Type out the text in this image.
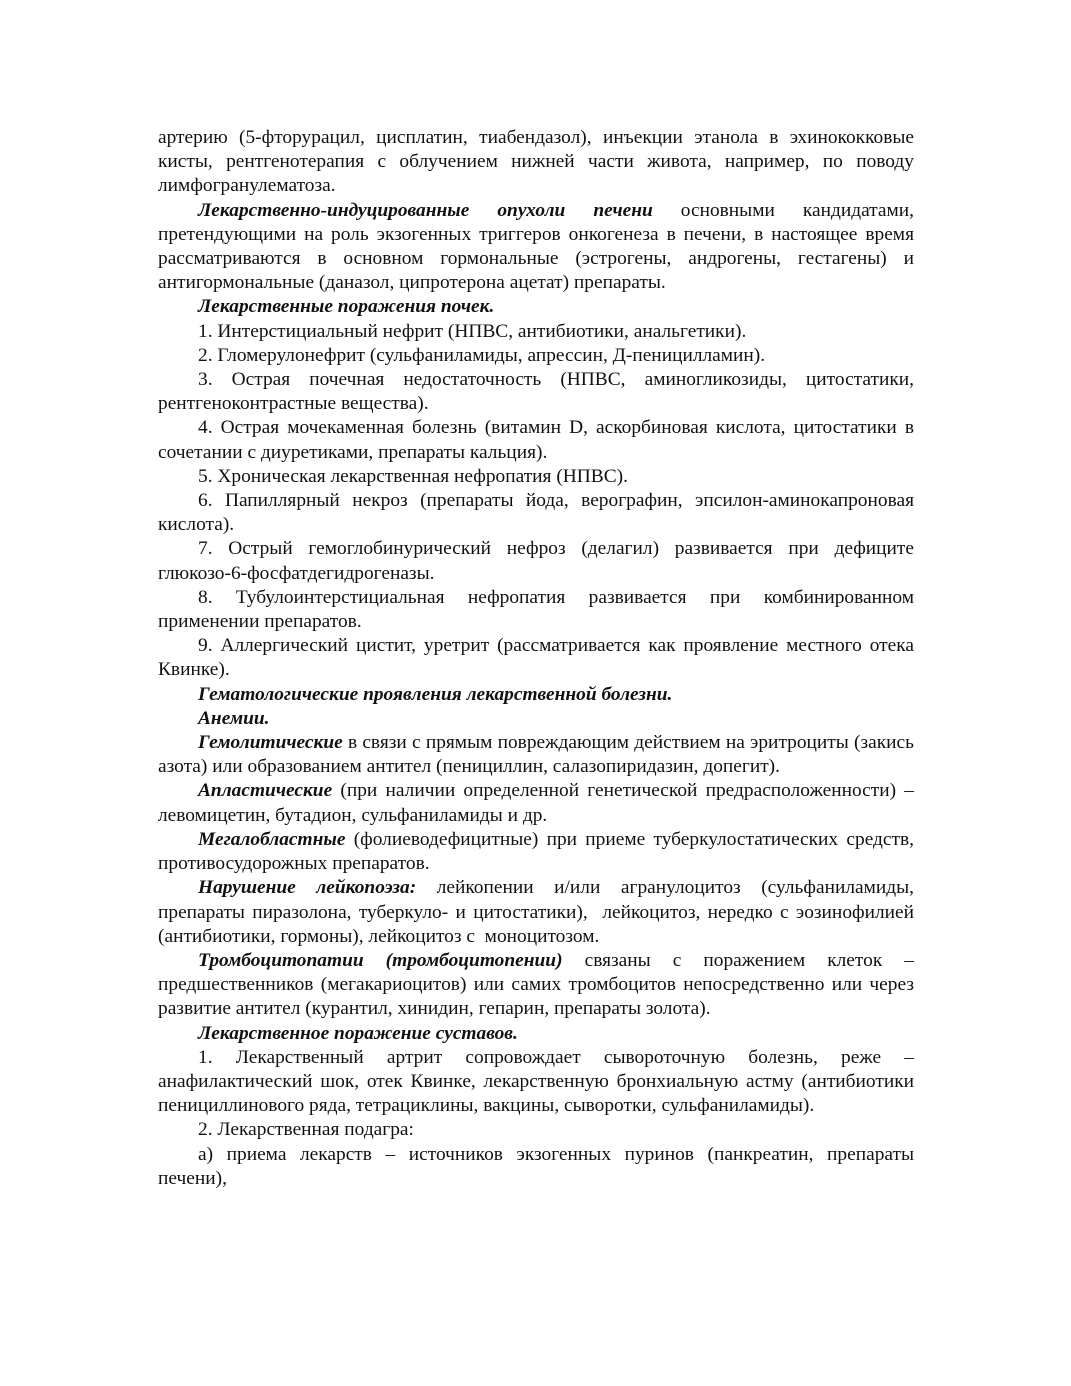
артерию (5-фторурацил, цисплатин, тиабендазол), инъекции этанола в эхинококковые кисты, рентгенотерапия с облучением нижней части живота, например, по поводу лимфогранулематоза.

Лекарственно-индуцированные опухоли печени основными кандидатами, претендующими на роль экзогенных триггеров онкогенеза в печени, в настоящее время рассматриваются в основном гормональные (эстрогены, андрогены, гестагены) и антигормональные (даназол, ципротерона ацетат) препараты.

Лекарственные поражения почек.

1. Интерстициальный нефрит (НПВС, антибиотики, анальгетики).

2. Гломерулонефрит (сульфаниламиды, апрессин, Д-пеницилламин).

3. Острая почечная недостаточность (НПВС, аминогликозиды, цитостатики, рентгеноконтрастные вещества).

4. Острая мочекаменная болезнь (витамин D, аскорбиновая кислота, цитостатики в сочетании с диуретиками, препараты кальция).

5. Хроническая лекарственная нефропатия (НПВС).

6. Папиллярный некроз (препараты йода, верографин, эпсилон-аминокапроновая кислота).

7. Острый гемоглобинурический нефроз (делагил) развивается при дефиците глюкозо-6-фосфатдегидрогеназы.

8. Тубулоинтерстициальная нефропатия развивается при комбинированном применении препаратов.

9. Аллергический цистит, уретрит (рассматривается как проявление местного отека Квинке).

Гематологические проявления лекарственной болезни.

Анемии.

Гемолитические в связи с прямым повреждающим действием на эритроциты (закись азота) или образованием антител (пенициллин, салазопиридазин, допегит).

Апластические (при наличии определенной генетической предрасположенности) – левомицетин, бутадион, сульфаниламиды и др.

Мегалобластные (фолиеводефицитные) при приеме туберкулостатических средств, противосудорожных препаратов.

Нарушение лейкопоэза: лейкопении и/или агранулоцитоз (сульфаниламиды, препараты пиразолона, туберкуло- и цитостатики),  лейкоцитоз, нередко с эозинофилией (антибиотики, гормоны), лейкоцитоз с  моноцитозом.

Тромбоцитопатии (тромбоцитопении) связаны с поражением клеток – предшественников (мегакариоцитов) или самих тромбоцитов непосредственно или через развитие антител (курантил, хинидин, гепарин, препараты золота).

Лекарственное поражение суставов.

1. Лекарственный артрит сопровождает сывороточную болезнь, реже – анафилактический шок, отек Квинке, лекарственную бронхиальную астму (антибиотики пенициллинового ряда, тетрациклины, вакцины, сыворотки, сульфаниламиды).

2. Лекарственная подагра:

а) приема лекарств – источников экзогенных пуринов (панкреатин, препараты печени),
